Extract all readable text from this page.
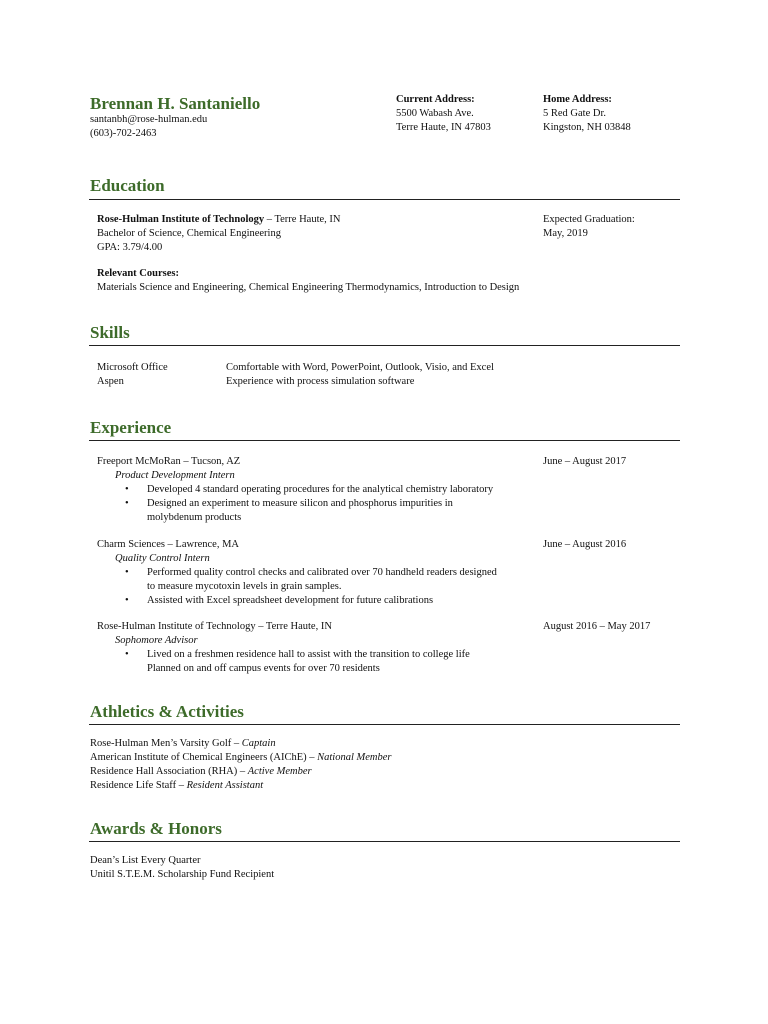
Brennan H. Santaniello
santanbh@rose-hulman.edu
(603)-702-2463
Current Address:
5500 Wabash Ave.
Terre Haute, IN 47803
Home Address:
5 Red Gate Dr.
Kingston, NH 03848
Education
Rose-Hulman Institute of Technology – Terre Haute, IN
Bachelor of Science, Chemical Engineering
GPA: 3.79/4.00
Expected Graduation:
May, 2019
Relevant Courses:
Materials Science and Engineering, Chemical Engineering Thermodynamics, Introduction to Design
Skills
Microsoft Office
Aspen
Comfortable with Word, PowerPoint, Outlook, Visio, and Excel
Experience with process simulation software
Experience
Freeport McMoRan – Tucson, AZ
Product Development Intern
• Developed 4 standard operating procedures for the analytical chemistry laboratory
• Designed an experiment to measure silicon and phosphorus impurities in
molybdenum products
June – August 2017
Charm Sciences – Lawrence, MA
Quality Control Intern
• Performed quality control checks and calibrated over 70 handheld readers designed
to measure mycotoxin levels in grain samples.
• Assisted with Excel spreadsheet development for future calibrations
June – August 2016
Rose-Hulman Institute of Technology – Terre Haute, IN
Sophomore Advisor
• Lived on a freshmen residence hall to assist with the transition to college life
Planned on and off campus events for over 70 residents
August 2016 – May 2017
Athletics & Activities
Rose-Hulman Men’s Varsity Golf – Captain
American Institute of Chemical Engineers (AIChE) – National Member
Residence Hall Association (RHA) – Active Member
Residence Life Staff – Resident Assistant
Awards & Honors
Dean’s List Every Quarter
Unitil S.T.E.M. Scholarship Fund Recipient
